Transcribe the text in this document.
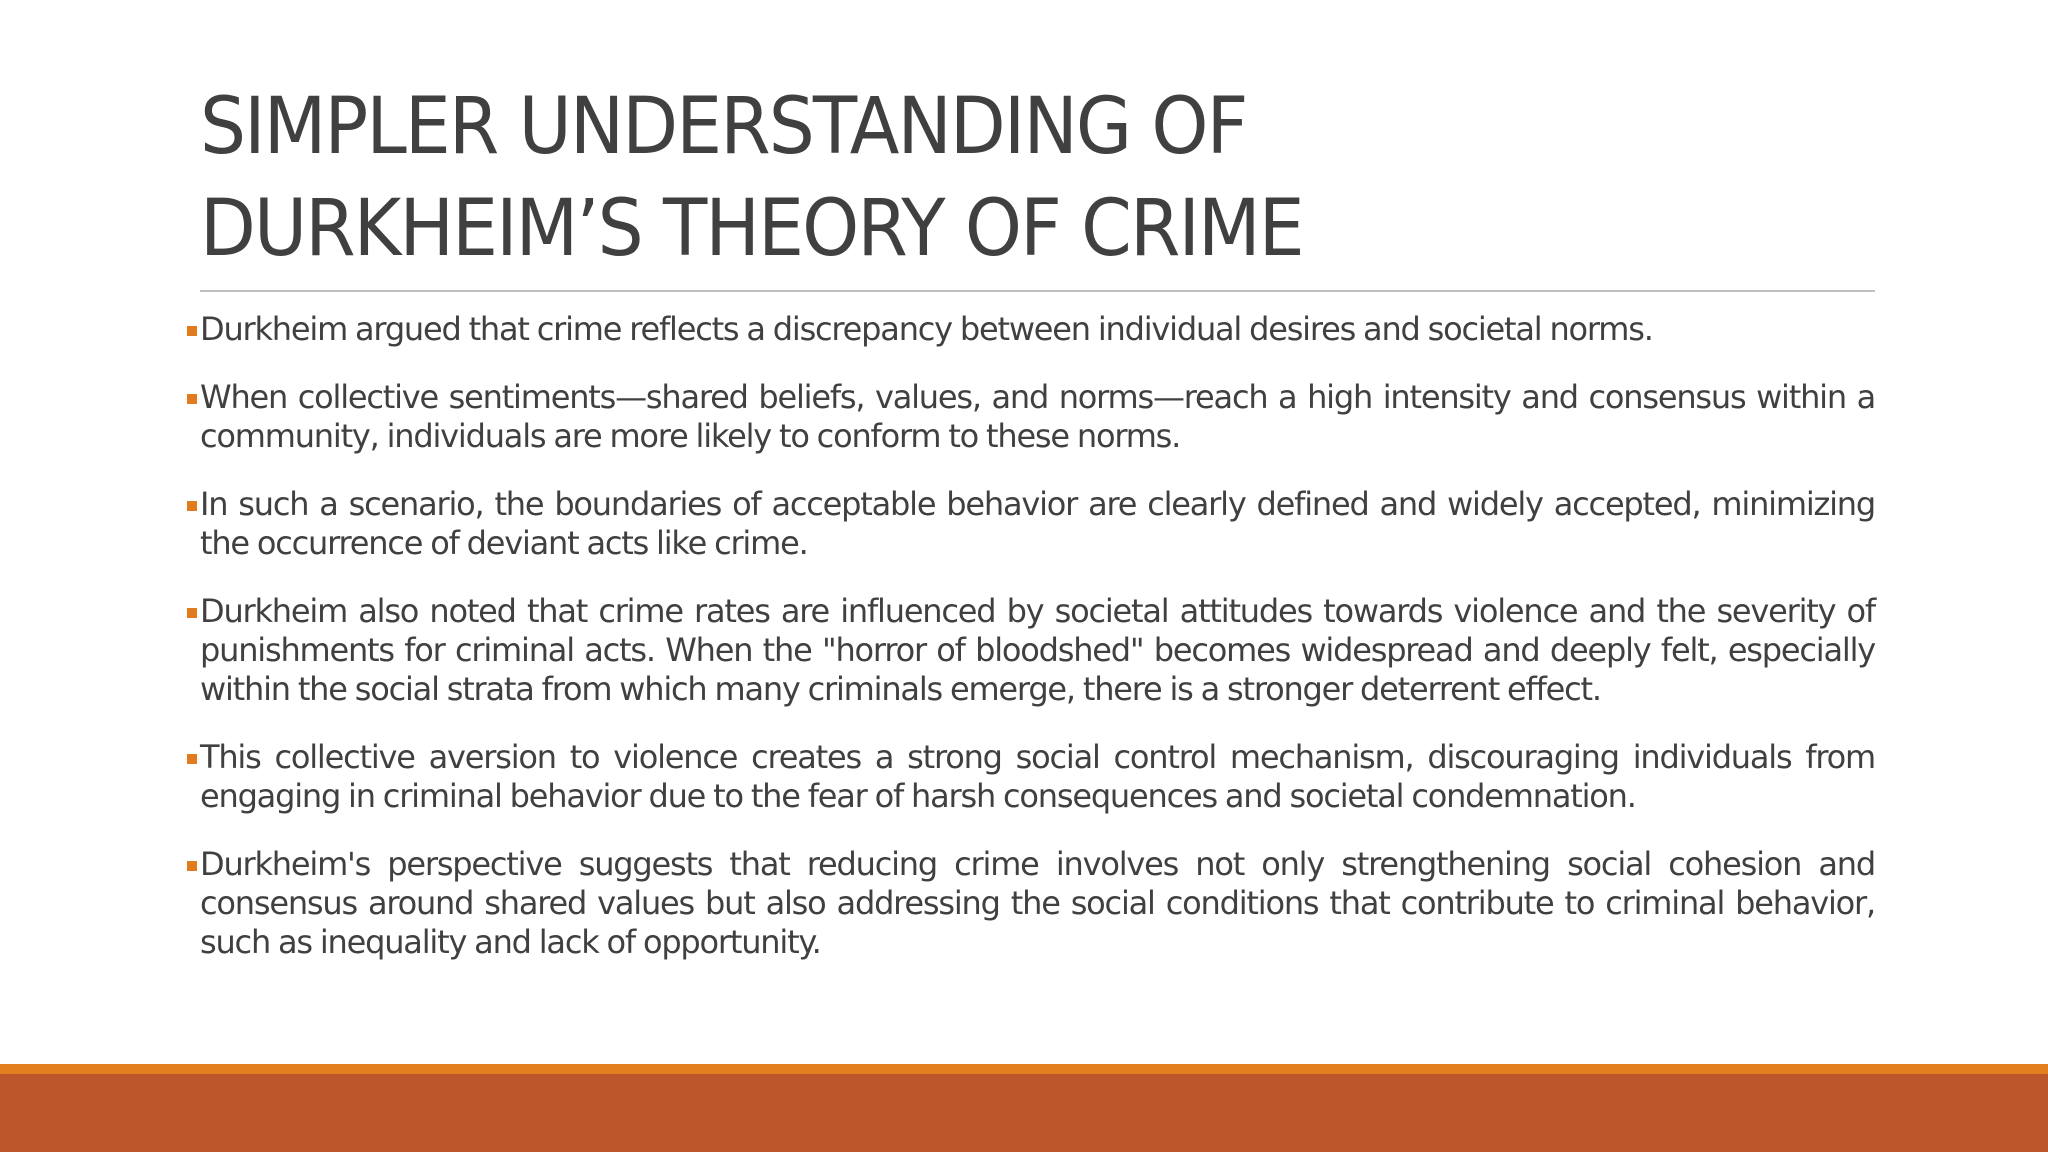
SIMPLER UNDERSTANDING OF
DURKHEIM’S THEORY OF CRIME
Durkheim argued that crime reflects a discrepancy between individual desires and societal norms.
When collective sentiments—shared beliefs, values, and norms—reach a high intensity and consensus within a community, individuals are more likely to conform to these norms.
In such a scenario, the boundaries of acceptable behavior are clearly defined and widely accepted, minimizing the occurrence of deviant acts like crime.
Durkheim also noted that crime rates are influenced by societal attitudes towards violence and the severity of punishments for criminal acts. When the "horror of bloodshed" becomes widespread and deeply felt, especially within the social strata from which many criminals emerge, there is a stronger deterrent effect.
This collective aversion to violence creates a strong social control mechanism, discouraging individuals from engaging in criminal behavior due to the fear of harsh consequences and societal condemnation.
Durkheim's perspective suggests that reducing crime involves not only strengthening social cohesion and consensus around shared values but also addressing the social conditions that contribute to criminal behavior, such as inequality and lack of opportunity.
